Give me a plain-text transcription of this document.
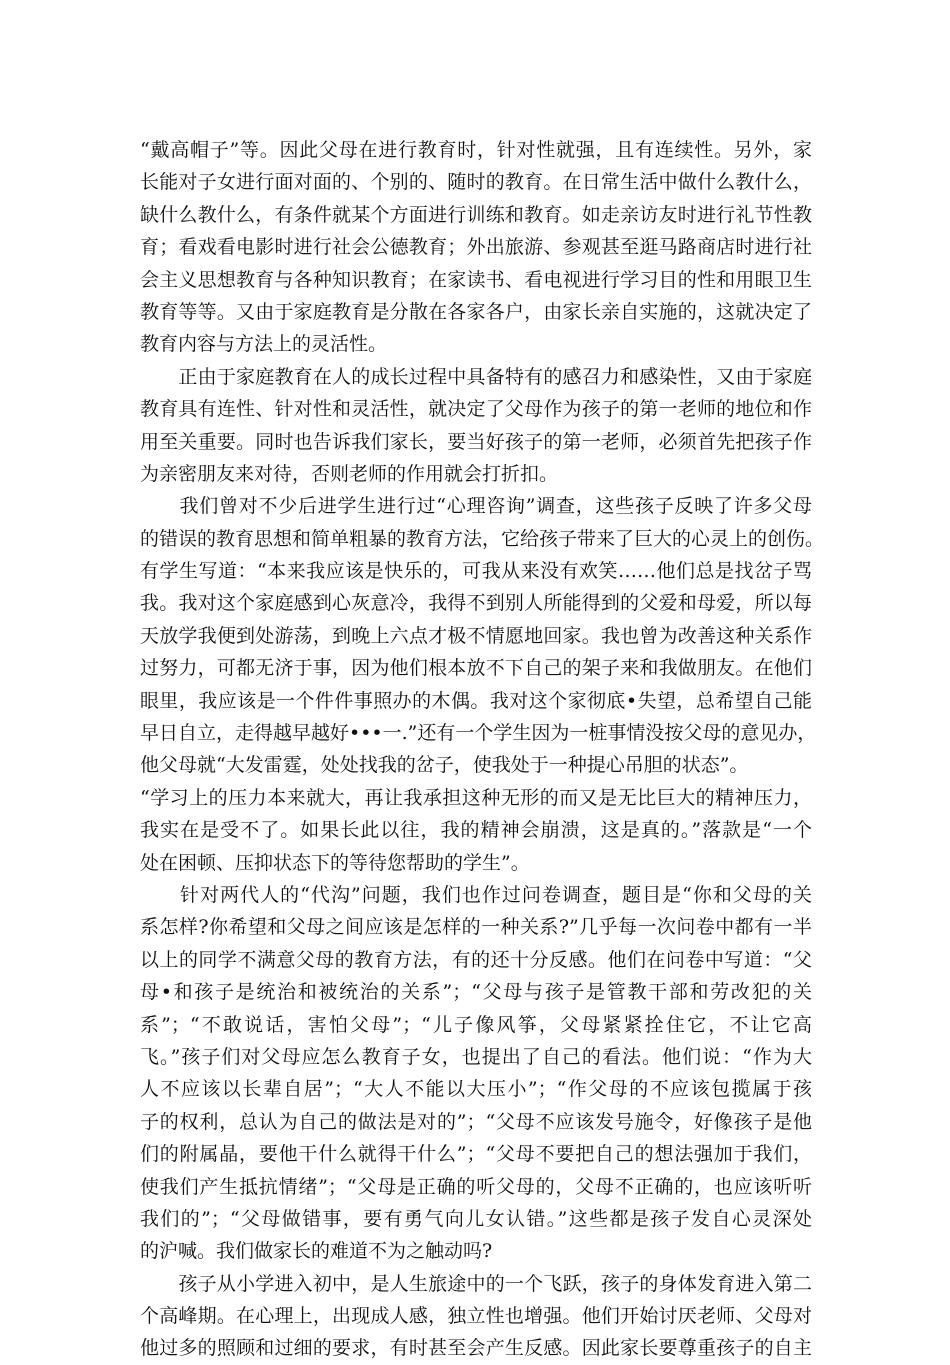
“戴高帽子”等。因此父母在进行教育时，针对性就强，且有连续性。另外，家
长能对子女进行面对面的、个别的、随时的教育。在日常生活中做什么教什么，
缺什么教什么，有条件就某个方面进行训练和教育。如走亲访友时进行礼节性教
育；看戏看电影时进行社会公德教育；外出旅游、参观甚至逛马路商店时进行社
会主义思想教育与各种知识教育；在家读书、看电视进行学习目的性和用眼卫生
教育等等。又由于家庭教育是分散在各家各户，由家长亲自实施的，这就决定了
教育内容与方法上的灵活性。
　　正由于家庭教育在人的成长过程中具备特有的感召力和感染性，又由于家庭
教育具有连性、针对性和灵活性，就决定了父母作为孩子的第一老师的地位和作
用至关重要。同时也告诉我们家长，要当好孩子的第一老师，必须首先把孩子作
为亲密朋友来对待，否则老师的作用就会打折扣。
　　我们曾对不少后进学生进行过“心理咨询”调查，这些孩子反映了许多父母
的错误的教育思想和简单粗暴的教育方法，它给孩子带来了巨大的心灵上的创伤。
有学生写道：“本来我应该是快乐的，可我从来没有欢笑……他们总是找岔子骂
我。我对这个家庭感到心灰意冷，我得不到别人所能得到的父爱和母爱，所以每
天放学我便到处游荡，到晚上六点才极不情愿地回家。我也曾为改善这种关系作
过努力，可都无济于事，因为他们根本放不下自己的架子来和我做朋友。在他们
眼里，我应该是一个件件事照办的木偶。我对这个家彻底•失望，总希望自己能
早日自立，走得越早越好•••一.”还有一个学生因为一桩事情没按父母的意见办，
他父母就“大发雷霆，处处找我的岔子，使我处于一种提心吊胆的状态”。
“学习上的压力本来就大，再让我承担这种无形的而又是无比巨大的精神压力，
我实在是受不了。如果长此以往，我的精神会崩溃，这是真的。”落款是“一个
处在困顿、压抑状态下的等待您帮助的学生”。
　　针对两代人的“代沟”问题，我们也作过问卷调查，题目是“你和父母的关
系怎样?你希望和父母之间应该是怎样的一种关系?”几乎每一次问卷中都有一半
以上的同学不满意父母的教育方法，有的还十分反感。他们在问卷中写道：“父
母•和孩子是统治和被统治的关系”；“父母与孩子是管教干部和劳改犯的关
系”；“不敢说话，害怕父母”；“儿子像风筝，父母紧紧拴住它，不让它高
飞。”孩子们对父母应怎么教育子女，也提出了自己的看法。他们说：“作为大
人不应该以长辈自居”；“大人不能以大压小”；“作父母的不应该包揽属于孩
子的权利，总认为自己的做法是对的”；“父母不应该发号施令，好像孩子是他
们的附属晶，要他干什么就得干什么”；“父母不要把自己的想法强加于我们，
使我们产生抵抗情绪”；“父母是正确的听父母的，父母不正确的，也应该听听
我们的”；“父母做错事，要有勇气向儿女认错。”这些都是孩子发自心灵深处
的沪喊。我们做家长的难道不为之触动吗?
　　孩子从小学进入初中，是人生旅途中的一个飞跃，孩子的身体发育进入第二
个高峰期。在心理上，出现成人感，独立性也增强。他们开始讨厌老师、父母对
他过多的照顾和过细的要求，有时甚至会产生反感。因此家长要尊重孩子的自主
